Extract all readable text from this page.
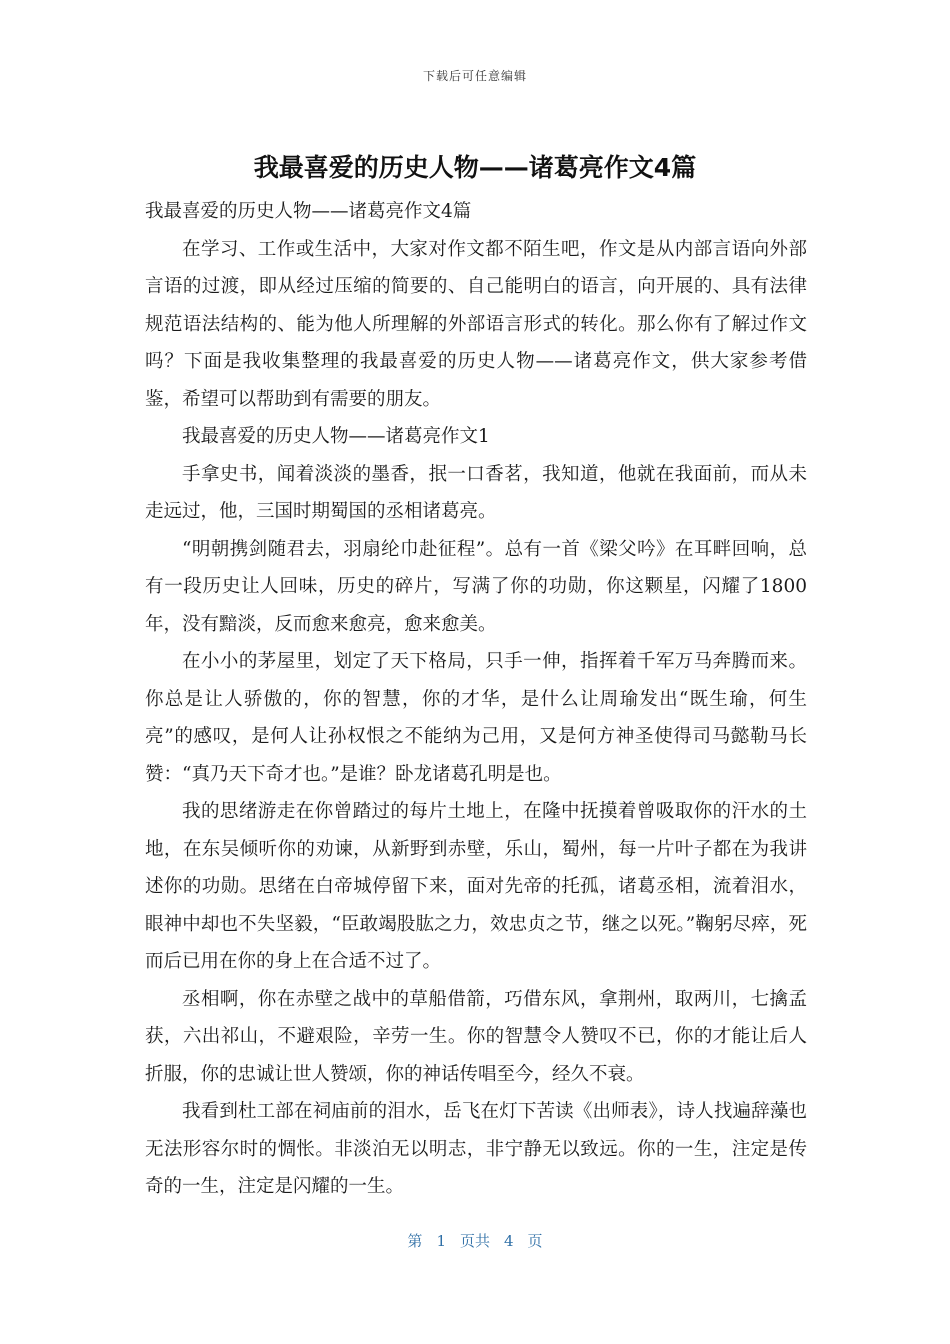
下载后可任意编辑
我最喜爱的历史人物——诸葛亮作文4篇

我最喜爱的历史人物——诸葛亮作文4篇

在学习、工作或生活中，大家对作文都不陌生吧，作文是从内部言语向外部言语的过渡，即从经过压缩的简要的、自己能明白的语言，向开展的、具有法律规范语法结构的、能为他人所理解的外部语言形式的转化。那么你有了解过作文吗？下面是我收集整理的我最喜爱的历史人物——诸葛亮作文，供大家参考借鉴，希望可以帮助到有需要的朋友。

我最喜爱的历史人物——诸葛亮作文1

手拿史书，闻着淡淡的墨香，抿一口香茗，我知道，他就在我面前，而从未走远过，他，三国时期蜀国的丞相诸葛亮。

“明朝携剑随君去，羽扇纶巾赴征程”。总有一首《梁父吟》在耳畔回响，总有一段历史让人回味，历史的碎片，写满了你的功勋，你这颗星，闪耀了1800年，没有黯淡，反而愈来愈亮，愈来愈美。

在小小的茅屋里，划定了天下格局，只手一伸，指挥着千军万马奔腾而来。你总是让人骄傲的，你的智慧，你的才华，是什么让周瑜发出“既生瑜，何生亮”的感叹，是何人让孙权恨之不能纳为己用，又是何方神圣使得司马懿勒马长赞：“真乃天下奇才也。”是谁？卧龙诸葛孔明是也。

我的思绪游走在你曾踏过的每片土地上，在隆中抚摸着曾吸取你的汗水的土地，在东吴倾听你的劝谏，从新野到赤壁，乐山，蜀州，每一片叶子都在为我讲述你的功勋。思绪在白帝城停留下来，面对先帝的托孤，诸葛丞相，流着泪水，眼神中却也不失坚毅，“臣敢竭股肱之力，效忠贞之节，继之以死。”鞠躬尽瘁，死而后已用在你的身上在合适不过了。

丞相啊，你在赤壁之战中的草船借箭，巧借东风，拿荆州，取两川，七擒孟获，六出祁山，不避艰险，辛劳一生。你的智慧令人赞叹不已，你的才能让后人折服，你的忠诚让世人赞颂，你的神话传唱至今，经久不衰。

我看到杜工部在祠庙前的泪水，岳飞在灯下苦读《出师表》，诗人找遍辞藻也无法形容尔时的惆怅。非淡泊无以明志，非宁静无以致远。你的一生，注定是传奇的一生，注定是闪耀的一生。

第 1 页共 4 页
